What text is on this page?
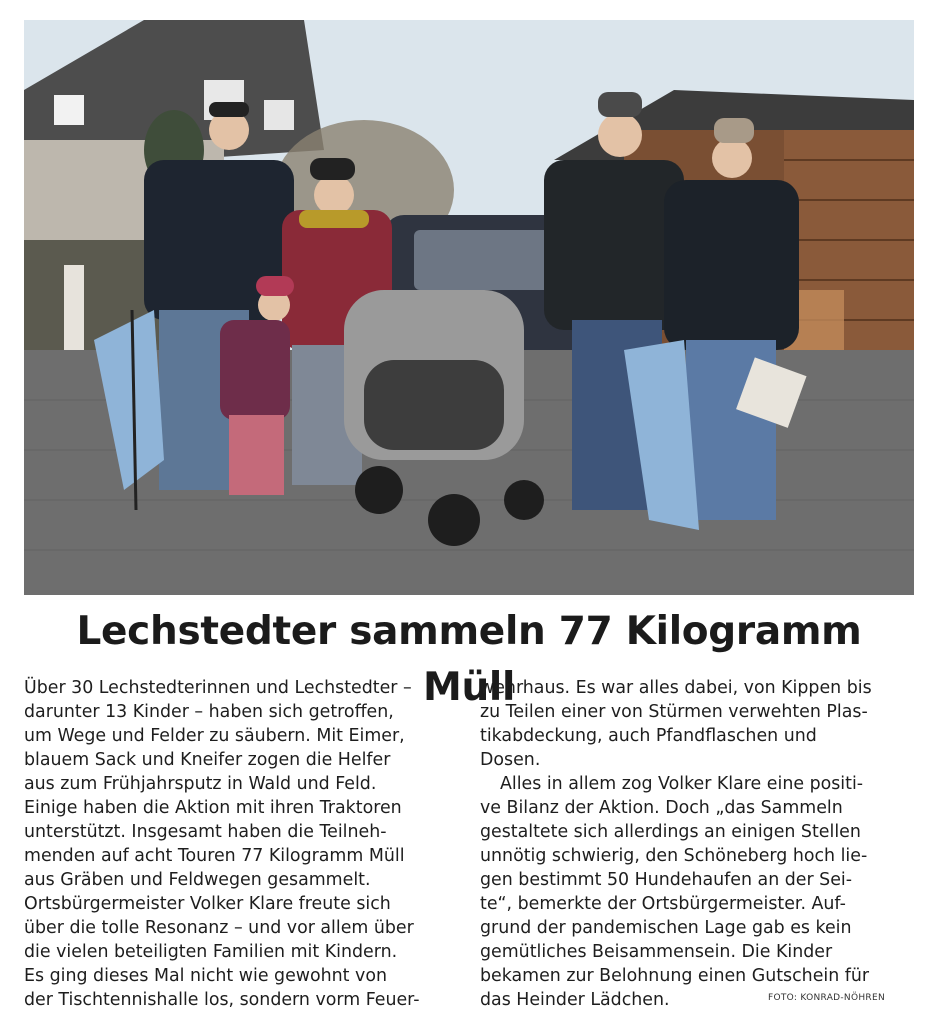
Lechstedter sammeln 77 Kilogramm Müll
Über 30 Lechstedterinnen und Lechstedter –
darunter 13 Kinder – haben sich getroffen,
um Wege und Felder zu säubern. Mit Eimer,
blauem Sack und Kneifer zogen die Helfer
aus zum Frühjahrsputz in Wald und Feld.
Einige haben die Aktion mit ihren Traktoren
unterstützt. Insgesamt haben die Teilneh-
menden auf acht Touren 77 Kilogramm Müll
aus Gräben und Feldwegen gesammelt.
Ortsbürgermeister Volker Klare freute sich
über die tolle Resonanz – und vor allem über
die vielen beteiligten Familien mit Kindern.
Es ging dieses Mal nicht wie gewohnt von
der Tischtennishalle los, sondern vorm Feuer-
wehrhaus. Es war alles dabei, von Kippen bis
zu Teilen einer von Stürmen verwehten Plas-
tikabdeckung, auch Pfandflaschen und
Dosen.
Alles in allem zog Volker Klare eine positi-
ve Bilanz der Aktion. Doch „das Sammeln
gestaltete sich allerdings an einigen Stellen
unnötig schwierig, den Schöneberg hoch lie-
gen bestimmt 50 Hundehaufen an der Sei-
te“, bemerkte der Ortsbürgermeister. Auf-
grund der pandemischen Lage gab es kein
gemütliches Beisammensein. Die Kinder
bekamen zur Belohnung einen Gutschein für
das Heinder Lädchen.	FOTO: KONRAD-NÖHREN
